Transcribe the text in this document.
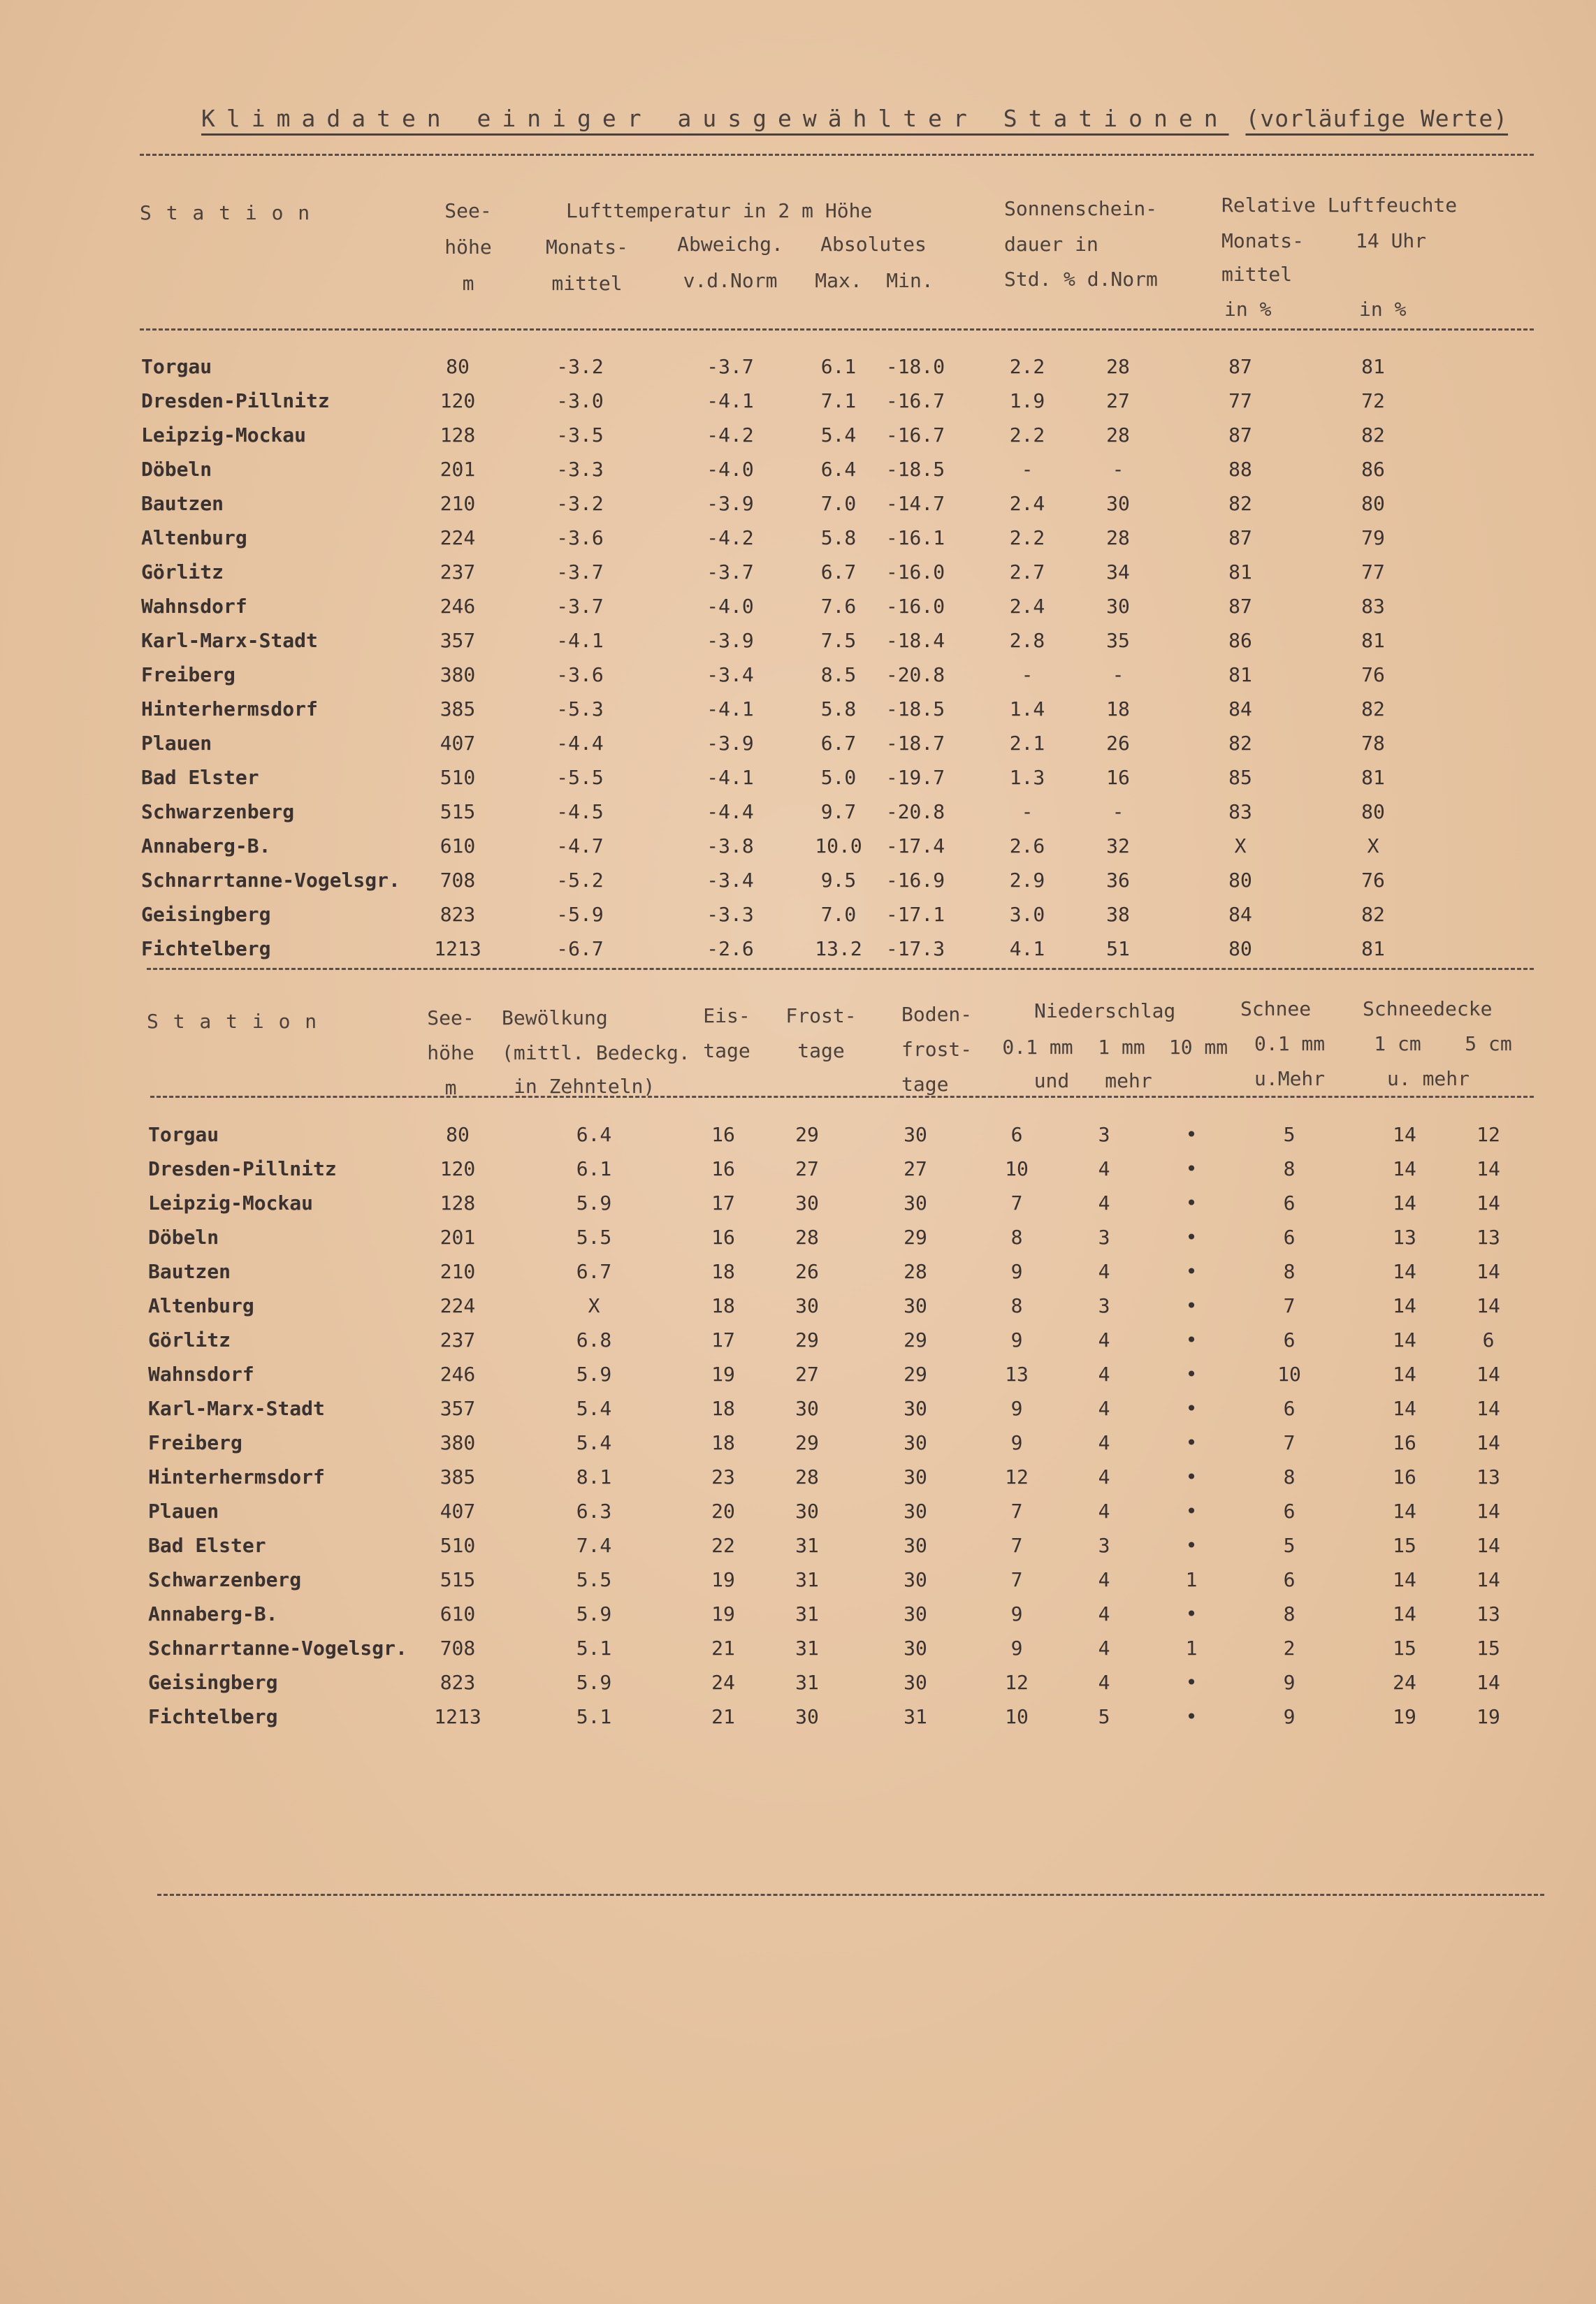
Klimadaten einiger ausgewählter Stationen (vorläufige Werte)
S t a t i o n	See-
höhe
m
Lufttemperatur in 2 m Höhe
Monats-
mittel
Abweichg.
v.d.Norm
Absolutes
Max.	Min.
Sonnenschein-
dauer in
Std. % d.Norm
Relative Luftfeuchte
Monats-
mittel
in %
14 Uhr
in %
Torgau	80	-3.2	-3.7	6.1	-18.0	2.2	28	87	81
Dresden-Pillnitz	120	-3.0	-4.1	7.1	-16.7	1.9	27	77	72
Leipzig-Mockau	128	-3.5	-4.2	5.4	-16.7	2.2	28	87	82
Döbeln	201	-3.3	-4.0	6.4	-18.5	-	-	88	86
Bautzen	210	-3.2	-3.9	7.0	-14.7	2.4	30	82	80
Altenburg	224	-3.6	-4.2	5.8	-16.1	2.2	28	87	79
Görlitz	237	-3.7	-3.7	6.7	-16.0	2.7	34	81	77
Wahnsdorf	246	-3.7	-4.0	7.6	-16.0	2.4	30	87	83
Karl-Marx-Stadt	357	-4.1	-3.9	7.5	-18.4	2.8	35	86	81
Freiberg	380	-3.6	-3.4	8.5	-20.8	-	-	81	76
Hinterhermsdorf	385	-5.3	-4.1	5.8	-18.5	1.4	18	84	82
Plauen	407	-4.4	-3.9	6.7	-18.7	2.1	26	82	78
Bad Elster	510	-5.5	-4.1	5.0	-19.7	1.3	16	85	81
Schwarzenberg	515	-4.5	-4.4	9.7	-20.8	-	-	83	80
Annaberg-B.	610	-4.7	-3.8	10.0	-17.4	2.6	32	X	X
Schnarrtanne-Vogelsgr.	708	-5.2	-3.4	9.5	-16.9	2.9	36	80	76
Geisingberg	823	-5.9	-3.3	7.0	-17.1	3.0	38	84	82
Fichtelberg	1213	-6.7	-2.6	13.2	-17.3	4.1	51	80	81
S t a t i o n	See-
höhe
m
Bewölkung
(mittl. Bedeckg.
in Zehnteln)
Eis-
tage
Frost-
tage
Boden-
frost-
tage
Niederschlag
0.1 mm
und
1 mm
mehr
10 mm
Schnee
0.1 mm
u.Mehr
Schneedecke
1 cm	5 cm
u. mehr
Torgau	80	6.4	16	29	30	6	3	•	5	14	12
Dresden-Pillnitz	120	6.1	16	27	27	10	4	•	8	14	14
Leipzig-Mockau	128	5.9	17	30	30	7	4	•	6	14	14
Döbeln	201	5.5	16	28	29	8	3	•	6	13	13
Bautzen	210	6.7	18	26	28	9	4	•	8	14	14
Altenburg	224	X	18	30	30	8	3	•	7	14	14
Görlitz	237	6.8	17	29	29	9	4	•	6	14	6
Wahnsdorf	246	5.9	19	27	29	13	4	•	10	14	14
Karl-Marx-Stadt	357	5.4	18	30	30	9	4	•	6	14	14
Freiberg	380	5.4	18	29	30	9	4	•	7	16	14
Hinterhermsdorf	385	8.1	23	28	30	12	4	•	8	16	13
Plauen	407	6.3	20	30	30	7	4	•	6	14	14
Bad Elster	510	7.4	22	31	30	7	3	•	5	15	14
Schwarzenberg	515	5.5	19	31	30	7	4	1	6	14	14
Annaberg-B.	610	5.9	19	31	30	9	4	•	8	14	13
Schnarrtanne-Vogelsgr.	708	5.1	21	31	30	9	4	1	2	15	15
Geisingberg	823	5.9	24	31	30	12	4	•	9	24	14
Fichtelberg	1213	5.1	21	30	31	10	5	•	9	19	19
